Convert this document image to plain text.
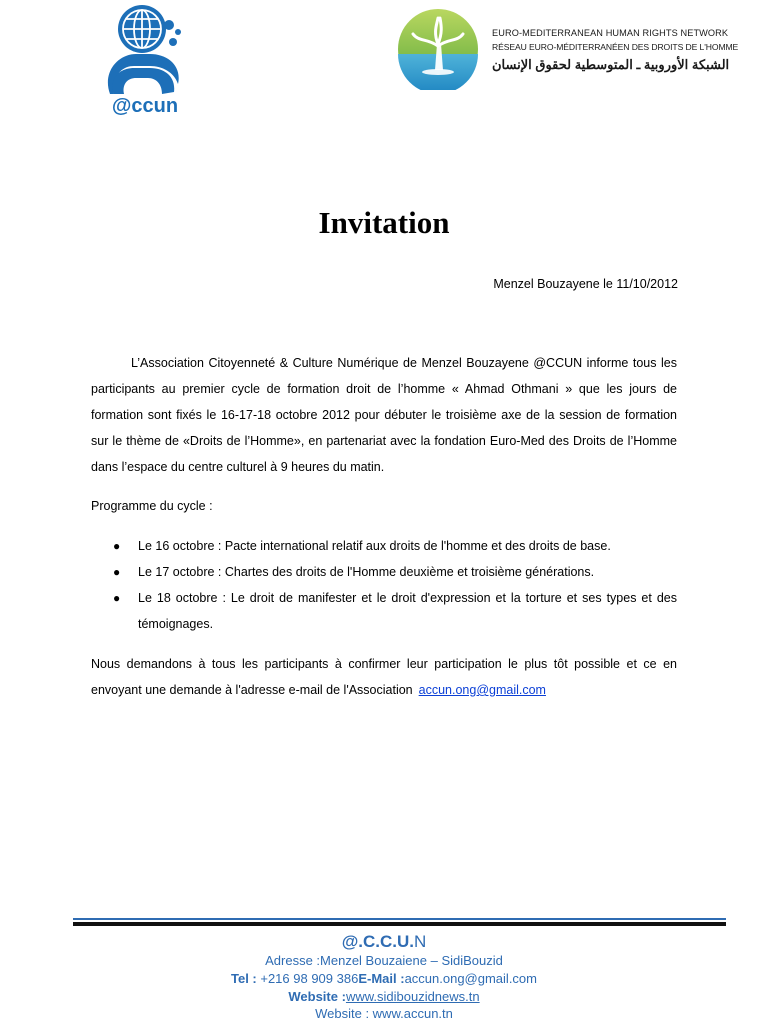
@ccun
EURO-MEDITERRANEAN HUMAN RIGHTS NETWORK
RÉSEAU EURO-MÉDITERRANÉEN DES DROITS DE L'HOMME
الشبكة الأوروبية ـ المتوسطية لحقوق الإنسان
Invitation
Menzel Bouzayene le 11/10/2012
L’Association Citoyenneté & Culture Numérique de Menzel Bouzayene @CCUN informe tous les participants au premier cycle de formation droit de l’homme « Ahmad Othmani » que les jours de formation sont fixés le 16-17-18 octobre 2012 pour débuter le troisième axe de la session de formation sur le thème de «Droits de l’Homme», en partenariat avec la fondation Euro-Med des Droits de l’Homme dans l’espace du centre culturel à 9 heures du matin.
Programme du cycle :
● Le 16 octobre : Pacte international relatif aux droits de l'homme et des droits de base.
● Le 17 octobre : Chartes des droits de l'Homme deuxième et troisième générations.
● Le 18 octobre : Le droit de manifester et le droit d'expression et la torture et ses types et des témoignages.
Nous demandons à tous les participants à confirmer leur participation le plus tôt possible et ce en envoyant une demande à l'adresse e-mail de l'Association accun.ong@gmail.com
@.C.C.U.N
Adresse :Menzel Bouzaiene – SidiBouzid
Tel : +216 98 909 386E-Mail :accun.ong@gmail.com
Website :www.sidibouzidnews.tn
Website : www.accun.tn
